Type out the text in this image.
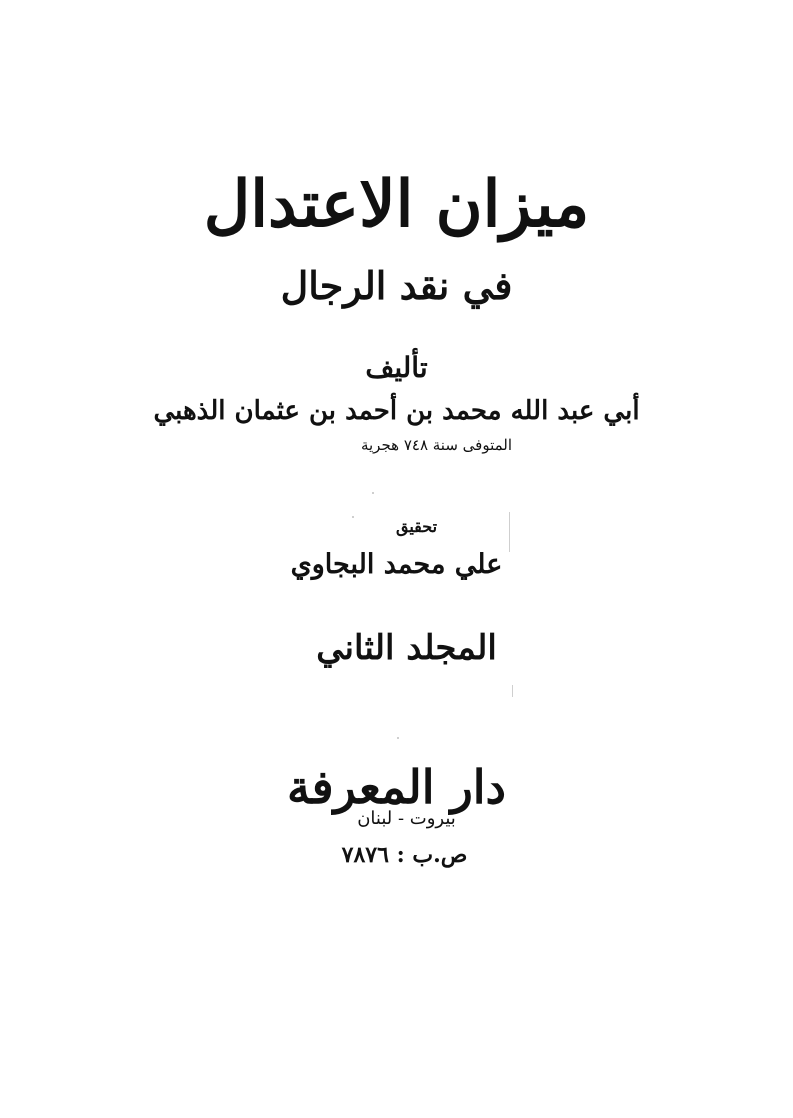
ميزان الاعتدال
في نقد الرجال
تأليف
أبي عبد الله محمد بن أحمد بن عثمان الذهبي
المتوفى سنة ٧٤٨ هجرية
تحقيق
علي محمد البجاوي
المجلد الثاني
دار المعرفة
بيروت - لبنان
ص.ب : ٧٨٧٦
